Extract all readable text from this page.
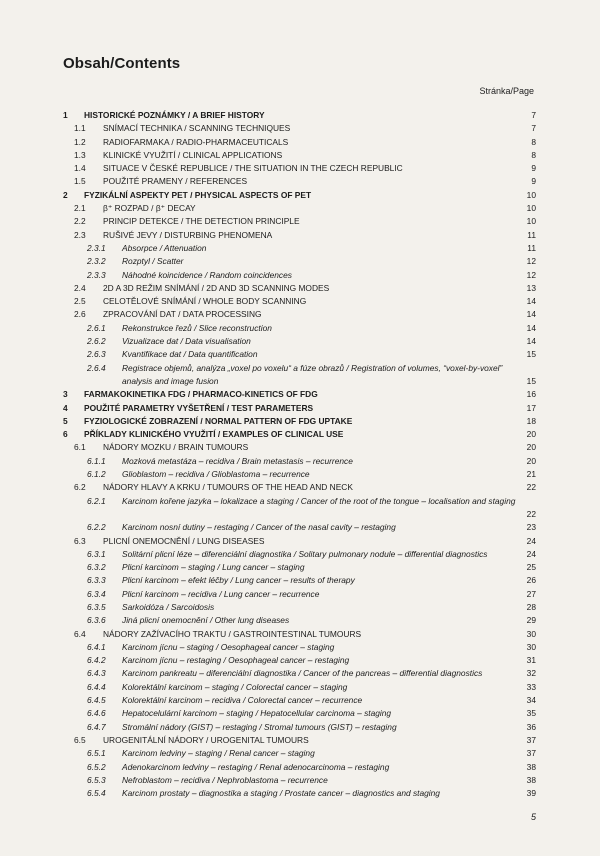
Obsah/Contents
Stránka/Page
1 HISTORICKÉ POZNÁMKY / A BRIEF HISTORY	7
1.1 SNÍMACÍ TECHNIKA / SCANNING TECHNIQUES	7
1.2 RADIOFARMAKA / RADIO-PHARMACEUTICALS	8
1.3 KLINICKÉ VYUŽITÍ / CLINICAL APPLICATIONS	8
1.4 SITUACE V ČESKÉ REPUBLICE / THE SITUATION IN THE CZECH REPUBLIC	9
1.5 POUŽITÉ PRAMENY / REFERENCES	9
2 FYZIKÁLNÍ ASPEKTY PET / PHYSICAL ASPECTS OF PET	10
2.1 β⁺ ROZPAD / β⁺ DECAY	10
2.2 PRINCIP DETEKCE / THE DETECTION PRINCIPLE	10
2.3 RUŠIVÉ JEVY / DISTURBING PHENOMENA	11
2.3.1 Absorpce / Attenuation	11
2.3.2 Rozptyl / Scatter	12
2.3.3 Náhodné koincidence / Random coincidences	12
2.4 2D A 3D REŽIM SNÍMÁNÍ / 2D AND 3D SCANNING MODES	13
2.5 CELOTĚLOVÉ SNÍMÁNÍ / WHOLE BODY SCANNING	14
2.6 ZPRACOVÁNÍ DAT / DATA PROCESSING	14
2.6.1 Rekonstrukce řezů / Slice reconstruction	14
2.6.2 Vizualizace dat / Data visualisation	14
2.6.3 Kvantifikace dat / Data quantification	15
2.6.4 Registrace objemů, analýza „voxel po voxelu“ a fúze obrazů / Registration of volumes, “voxel-by-voxel” analysis and image fusion	15
3 FARMAKOKINETIKA FDG / PHARMACO-KINETICS OF FDG	16
4 POUŽITÉ PARAMETRY VYŠETŘENÍ / TEST PARAMETERS	17
5 FYZIOLOGICKÉ ZOBRAZENÍ / NORMAL PATTERN OF FDG UPTAKE	18
6 PŘÍKLADY KLINICKÉHO VYUŽITÍ / EXAMPLES OF CLINICAL USE	20
6.1 NÁDORY MOZKU / BRAIN TUMOURS	20
6.1.1 Mozková metastáza – recidiva / Brain metastasis – recurrence	20
6.1.2 Glioblastom – recidiva / Glioblastoma – recurrence	21
6.2 NÁDORY HLAVY A KRKU / TUMOURS OF THE HEAD AND NECK	22
6.2.1 Karcinom kořene jazyka – lokalizace a staging / Cancer of the root of the tongue – localisation and staging
22
6.2.2 Karcinom nosní dutiny – restaging / Cancer of the nasal cavity – restaging	23
6.3 PLICNÍ ONEMOCNĚNÍ / LUNG DISEASES	24
6.3.1 Solitární plicní léze – diferenciální diagnostika / Solitary pulmonary nodule – differential diagnostics	24
6.3.2 Plicní karcinom – staging / Lung cancer – staging	25
6.3.3 Plicní karcinom – efekt léčby / Lung cancer – results of therapy	26
6.3.4 Plicní karcinom – recidiva / Lung cancer – recurrence	27
6.3.5 Sarkoidóza / Sarcoidosis	28
6.3.6 Jiná plicní onemocnění / Other lung diseases	29
6.4 NÁDORY ZAŽÍVACÍHO TRAKTU / GASTROINTESTINAL TUMOURS	30
6.4.1 Karcinom jícnu – staging / Oesophageal cancer – staging	30
6.4.2 Karcinom jícnu – restaging / Oesophageal cancer – restaging	31
6.4.3 Karcinom pankreatu – diferenciální diagnostika / Cancer of the pancreas – differential diagnostics	32
6.4.4 Kolorektální karcinom – staging / Colorectal cancer – staging	33
6.4.5 Kolorektální karcinom – recidiva / Colorectal cancer – recurrence	34
6.4.6 Hepatocelulární karcinom – staging / Hepatocellular carcinoma – staging	35
6.4.7 Stromální nádory (GIST) – restaging / Stromal tumours (GIST) – restaging	36
6.5 UROGENITÁLNÍ NÁDORY / UROGENITAL TUMOURS	37
6.5.1 Karcinom ledviny – staging / Renal cancer – staging	37
6.5.2 Adenokarcinom ledviny – restaging / Renal adenocarcinoma – restaging	38
6.5.3 Nefroblastom – recidiva / Nephroblastoma – recurrence	38
6.5.4 Karcinom prostaty – diagnostika a staging / Prostate cancer – diagnostics and staging	39
5
